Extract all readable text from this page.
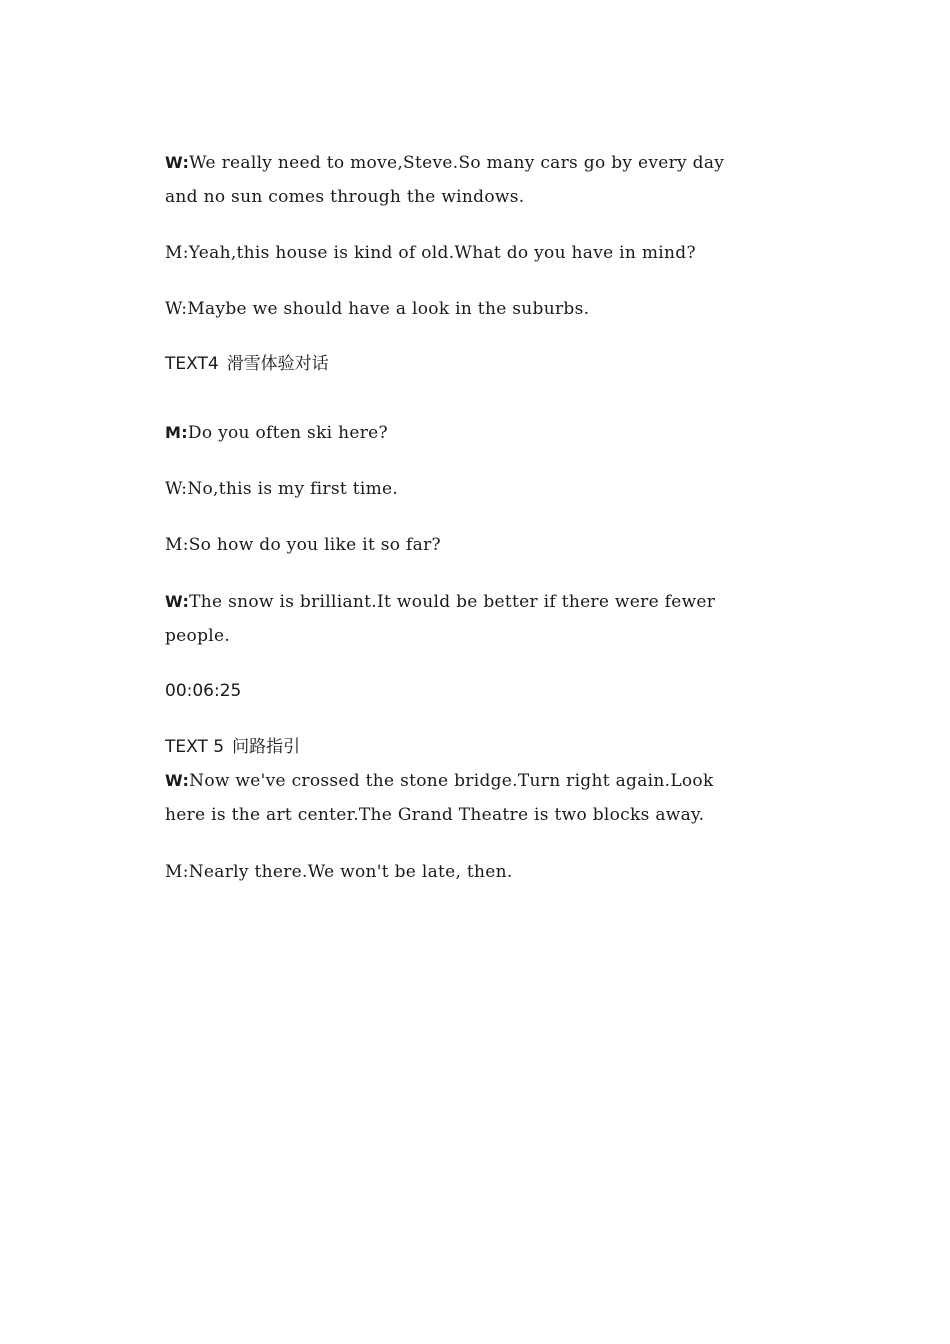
W:We really need to move,Steve.So many cars go by every day
and no sun comes through the windows.
M:Yeah,this house is kind of old.What do you have in mind?
W:Maybe we should have a look in the suburbs.
TEXT4 滑雪体验对话
M:Do you often ski here?
W:No,this is my first time.
M:So how do you like it so far?
W:The snow is brilliant.It would be better if there were fewer
people.
00:06:25
TEXT 5 问路指引
W:Now we've crossed the stone bridge.Turn right again.Look
here is the art center.The Grand Theatre is two blocks away.
M:Nearly there.We won't be late, then.
